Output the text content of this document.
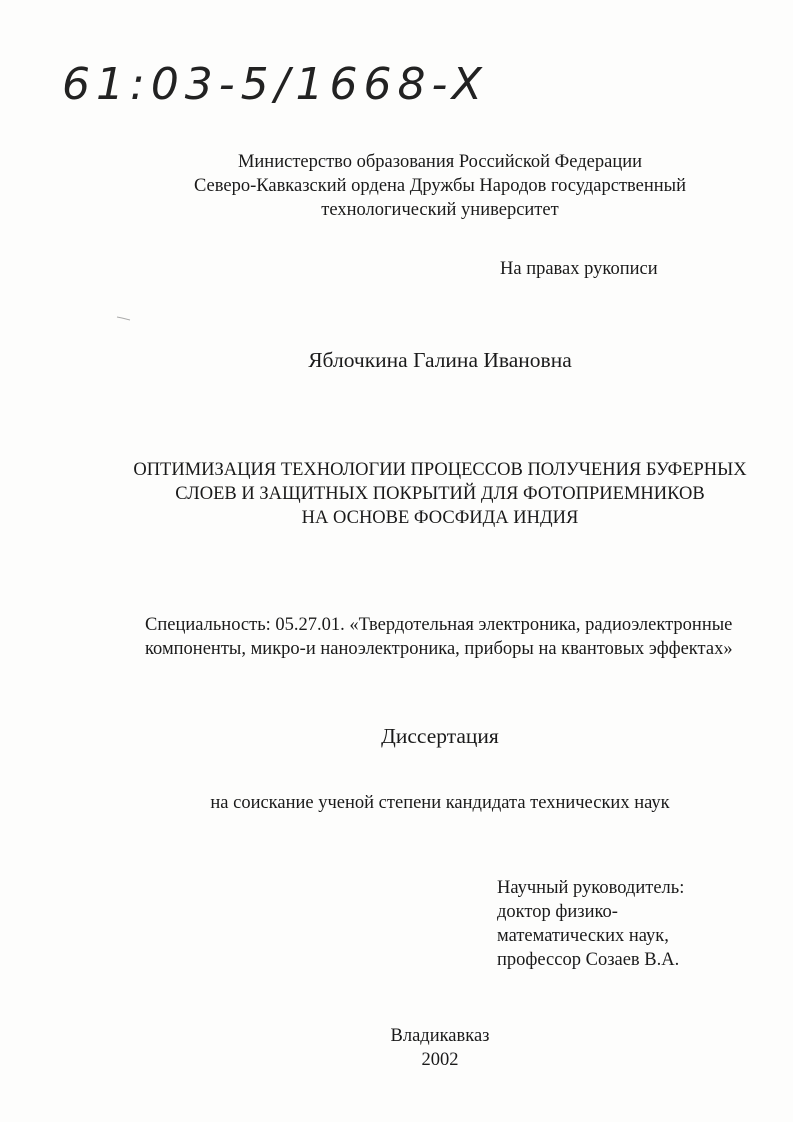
61:03-5/1668-X
Министерство образования Российской Федерации
Северо-Кавказский ордена Дружбы Народов государственный
технологический университет
На правах рукописи
Яблочкина Галина Ивановна
ОПТИМИЗАЦИЯ ТЕХНОЛОГИИ ПРОЦЕССОВ ПОЛУЧЕНИЯ БУФЕРНЫХ
СЛОЕВ И ЗАЩИТНЫХ ПОКРЫТИЙ ДЛЯ ФОТОПРИЕМНИКОВ
НА ОСНОВЕ ФОСФИДА ИНДИЯ
Специальность: 05.27.01. «Твердотельная электроника, радиоэлектронные
компоненты, микро-и наноэлектроника, приборы на квантовых эффектах»
Диссертация
на соискание ученой степени кандидата технических наук
Научный руководитель:
доктор физико-
математических наук,
профессор Созаев В.А.
Владикавказ
2002
